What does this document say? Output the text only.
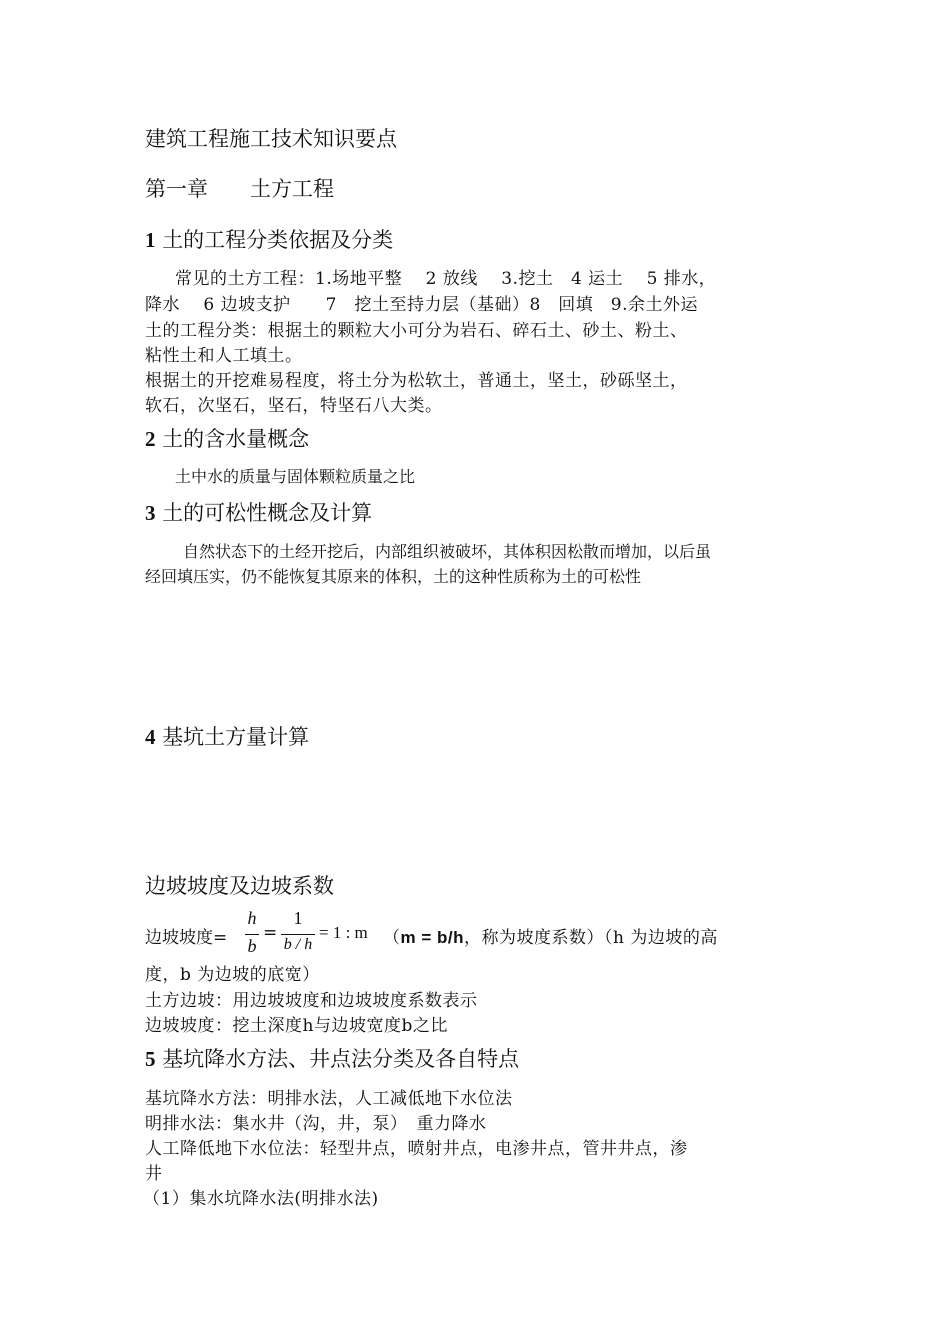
建筑工程施工技术知识要点
第一章　　土方工程
1 土的工程分类依据及分类
常见的土方工程：1.场地平整　 2 放线　 3.挖土　4 运土　 5 排水，
降水　 6 边坡支护　　7　挖土至持力层（基础）8　回填　9.余土外运
土的工程分类：根据土的颗粒大小可分为岩石、碎石土、砂土、粉土、
粘性土和人工填土。
根据土的开挖难易程度，将土分为松软土，普通土，坚土，砂砾坚土，
软石，次坚石，坚石，特坚石八大类。
2 土的含水量概念
土中水的质量与固体颗粒质量之比
3 土的可松性概念及计算
自然状态下的土经开挖后，内部组织被破坏，其体积因松散而增加，以后虽
经回填压实，仍不能恢复其原来的体积，土的这种性质称为土的可松性
4 基坑土方量计算
边坡坡度及边坡系数
边坡坡度=
h
b
=
1
b / h
= 1 : m （m = b/h，称为坡度系数）（h 为边坡的高
度，b 为边坡的底宽）
土方边坡：用边坡坡度和边坡坡度系数表示
边坡坡度：挖土深度h与边坡宽度b之比
5 基坑降水方法、井点法分类及各自特点
基坑降水方法：明排水法，人工减低地下水位法
明排水法：集水井（沟，井，泵）　重力降水
人工降低地下水位法：轻型井点，喷射井点，电渗井点，管井井点，渗
井
（1）集水坑降水法(明排水法)
